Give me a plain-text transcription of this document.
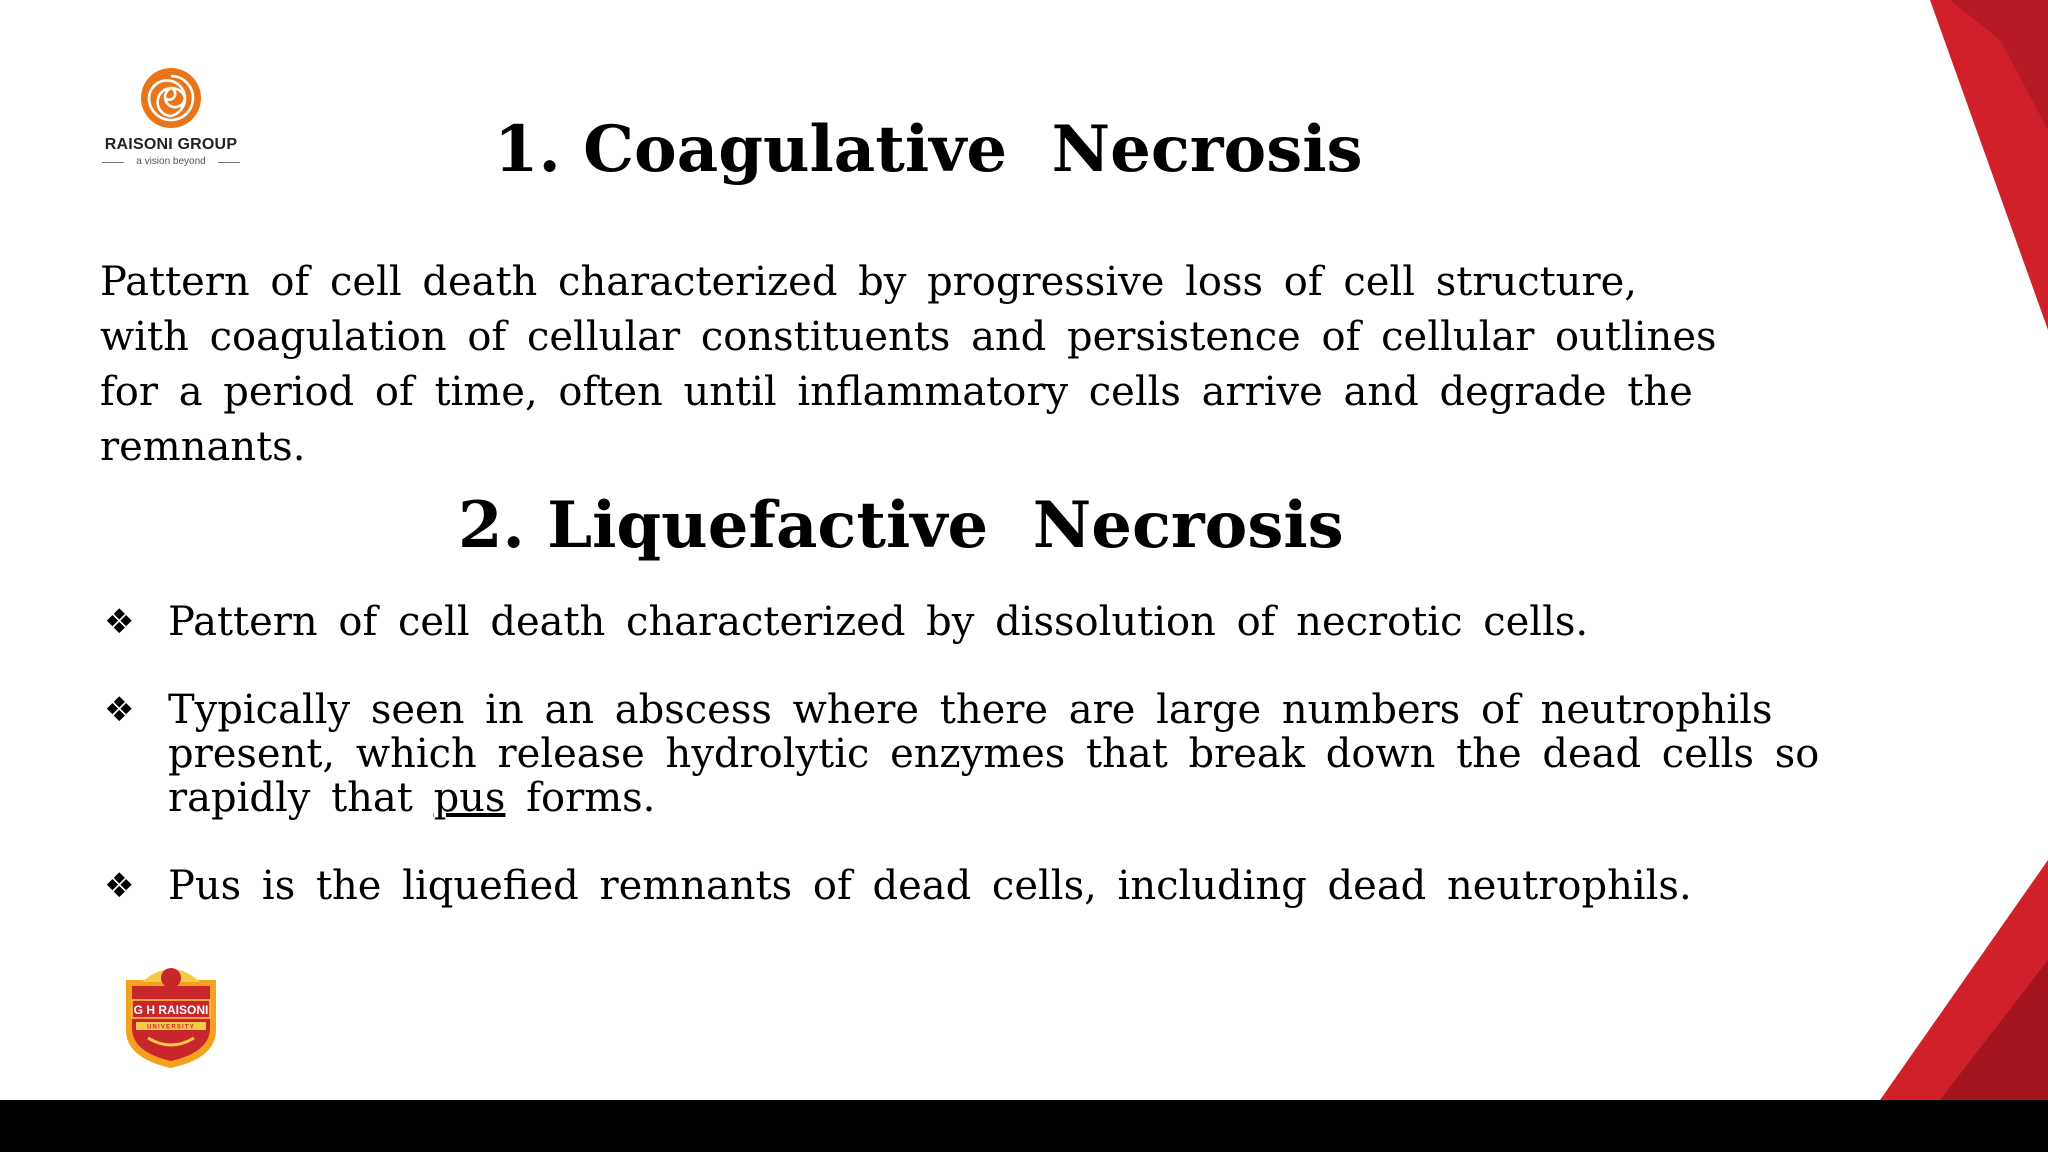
RAISONI GROUP
a vision beyond	1. Coagulative  Necrosis
Pattern of cell death characterized by progressive loss of cell structure,
with coagulation of cellular constituents and persistence of cellular outlines
for a period of time, often until inflammatory cells arrive and degrade the
remnants.
2. Liquefactive  Necrosis
❖ Pattern of cell death characterized by dissolution of necrotic cells.
❖ Typically seen in an abscess where there are large numbers of neutrophils present, which release hydrolytic enzymes that break down the dead cells so rapidly that pus forms.
❖ Pus is the liquefied remnants of dead cells, including dead neutrophils.
G H RAISONI
UNIVERSITY
